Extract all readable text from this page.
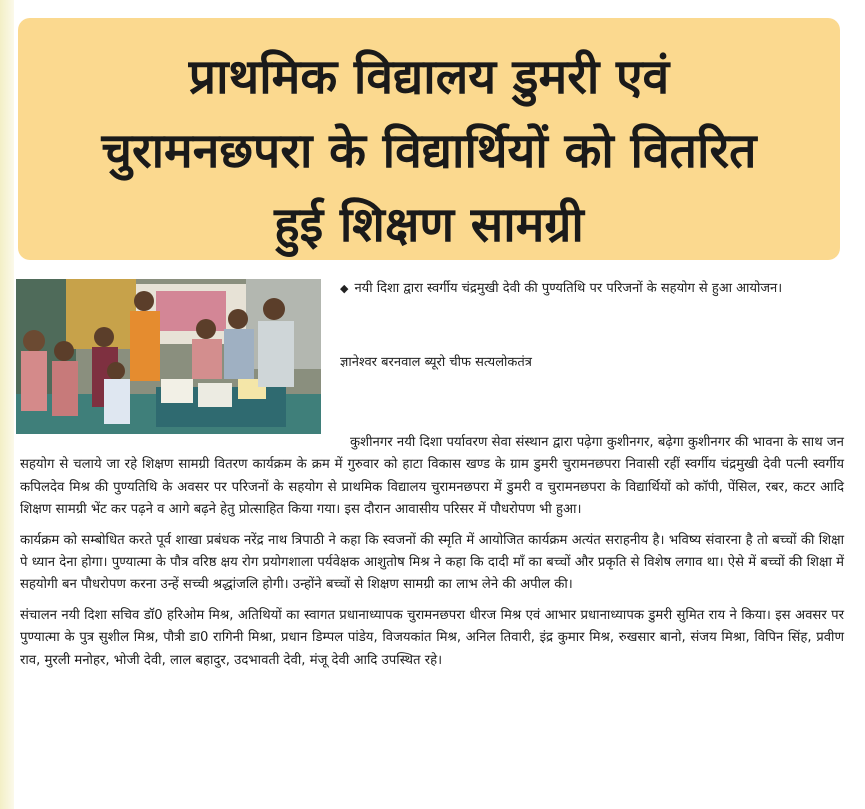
प्राथमिक विद्यालय डुमरी एवं
चुरामनछपरा के विद्यार्थियों को वितरित
हुई शिक्षण सामग्री
◆ नयी दिशा द्वारा स्वर्गीय चंद्रमुखी देवी की पुण्यतिथि पर परिजनों के सहयोग से हुआ आयोजन।
ज्ञानेश्वर बरनवाल ब्यूरो चीफ सत्यलोकतंत्र

कुशीनगर नयी दिशा पर्यावरण सेवा संस्थान द्वारा पढ़ेगा कुशीनगर, बढ़ेगा कुशीनगर की भावना के साथ जन सहयोग से चलाये जा रहे शिक्षण सामग्री वितरण कार्यक्रम के क्रम में गुरुवार को हाटा विकास खण्ड के ग्राम डुमरी चुरामनछपरा निवासी रहीं स्वर्गीय चंद्रमुखी देवी पत्नी स्वर्गीय कपिलदेव मिश्र की पुण्यतिथि के अवसर पर परिजनों के सहयोग से प्राथमिक विद्यालय चुरामनछपरा में डुमरी व चुरामनछपरा के विद्यार्थियों को कॉपी, पेंसिल, रबर, कटर आदि शिक्षण सामग्री भेंट कर पढ़ने व आगे बढ़ने हेतु प्रोत्साहित किया गया। इस दौरान आवासीय परिसर में पौधरोपण भी हुआ।

कार्यक्रम को सम्बोधित करते पूर्व शाखा प्रबंधक नरेंद्र नाथ त्रिपाठी ने कहा कि स्वजनों की स्मृति में आयोजित कार्यक्रम अत्यंत सराहनीय है। भविष्य संवारना है तो बच्चों की शिक्षा पे ध्यान देना होगा। पुण्यात्मा के पौत्र वरिष्ठ क्षय रोग प्रयोगशाला पर्यवेक्षक आशुतोष मिश्र ने कहा कि दादी माँ का बच्चों और प्रकृति से विशेष लगाव था। ऐसे में बच्चों की शिक्षा में सहयोगी बन पौधरोपण करना उन्हें सच्ची श्रद्धांजलि होगी। उन्होंने बच्चों से शिक्षण सामग्री का लाभ लेने की अपील की।

संचालन नयी दिशा सचिव डॉ0 हरिओम मिश्र, अतिथियों का स्वागत प्रधानाध्यापक चुरामनछपरा धीरज मिश्र एवं आभार प्रधानाध्यापक डुमरी सुमित राय ने किया। इस अवसर पर पुण्यात्मा के पुत्र सुशील मिश्र, पौत्री डा0 रागिनी मिश्रा, प्रधान डिम्पल पांडेय, विजयकांत मिश्र, अनिल तिवारी, इंद्र कुमार मिश्र, रुखसार बानो, संजय मिश्रा, विपिन सिंह, प्रवीण राव, मुरली मनोहर, भोजी देवी, लाल बहादुर, उदभावती देवी, मंजू देवी आदि उपस्थित रहे।
